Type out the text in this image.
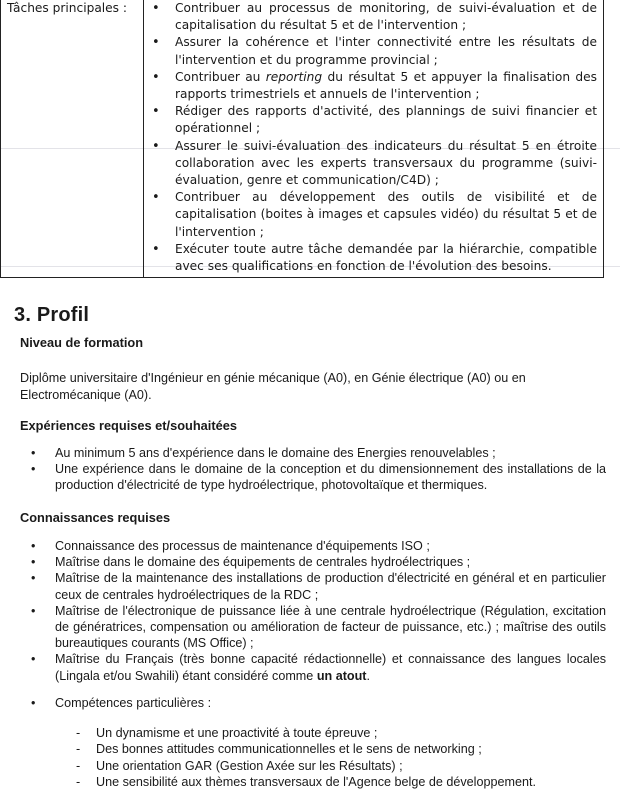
Tâches principales :	
•Contribuer au processus de monitoring, de suivi-évaluation et de capitalisation du résultat 5 et de l'intervention ;
• Assurer la cohérence et l'inter connectivité entre les résultats de l'intervention et du programme provincial ;
• Contribuer au reporting du résultat 5 et appuyer la finalisation des rapports trimestriels et annuels de l'intervention ;
• Rédiger des rapports d'activité, des plannings de suivi financier et opérationnel ;
• Assurer le suivi-évaluation des indicateurs du résultat 5 en étroite collaboration avec les experts transversaux du programme (suivi-évaluation, genre et communication/C4D) ;
• Contribuer au développement des outils de visibilité et de capitalisation (boites à images et capsules vidéo) du résultat 5 et de l'intervention ;
• Exécuter toute autre tâche demandée par la hiérarchie, compatible avec ses qualifications en fonction de l'évolution des besoins.
3. Profil
Niveau de formation
Diplôme universitaire d'Ingénieur en génie mécanique (A0), en Génie électrique (A0) ou en Electromécanique (A0).
Expériences requises et/souhaitées
• Au minimum 5 ans d'expérience dans le domaine des Energies renouvelables ;
• Une expérience dans le domaine de la conception et du dimensionnement des installations de la production d'électricité de type hydroélectrique, photovoltaïque et thermiques.
Connaissances requises
• Connaissance des processus de maintenance d'équipements ISO ;
• Maîtrise dans le domaine des équipements de centrales hydroélectriques ;
• Maîtrise de la maintenance des installations de production d'électricité en général et en particulier ceux de centrales hydroélectriques de la RDC ;
• Maîtrise de l'électronique de puissance liée à une centrale hydroélectrique (Régulation, excitation de génératrices, compensation ou amélioration de facteur de puissance, etc.) ; maîtrise des outils bureautiques courants (MS Office) ;
• Maîtrise du Français (très bonne capacité rédactionnelle) et connaissance des langues locales (Lingala et/ou Swahili) étant considéré comme un atout.
• Compétences particulières :
- Un dynamisme et une proactivité à toute épreuve ;
- Des bonnes attitudes communicationnelles et le sens de networking ;
- Une orientation GAR (Gestion Axée sur les Résultats) ;
- Une sensibilité aux thèmes transversaux de l'Agence belge de développement.
